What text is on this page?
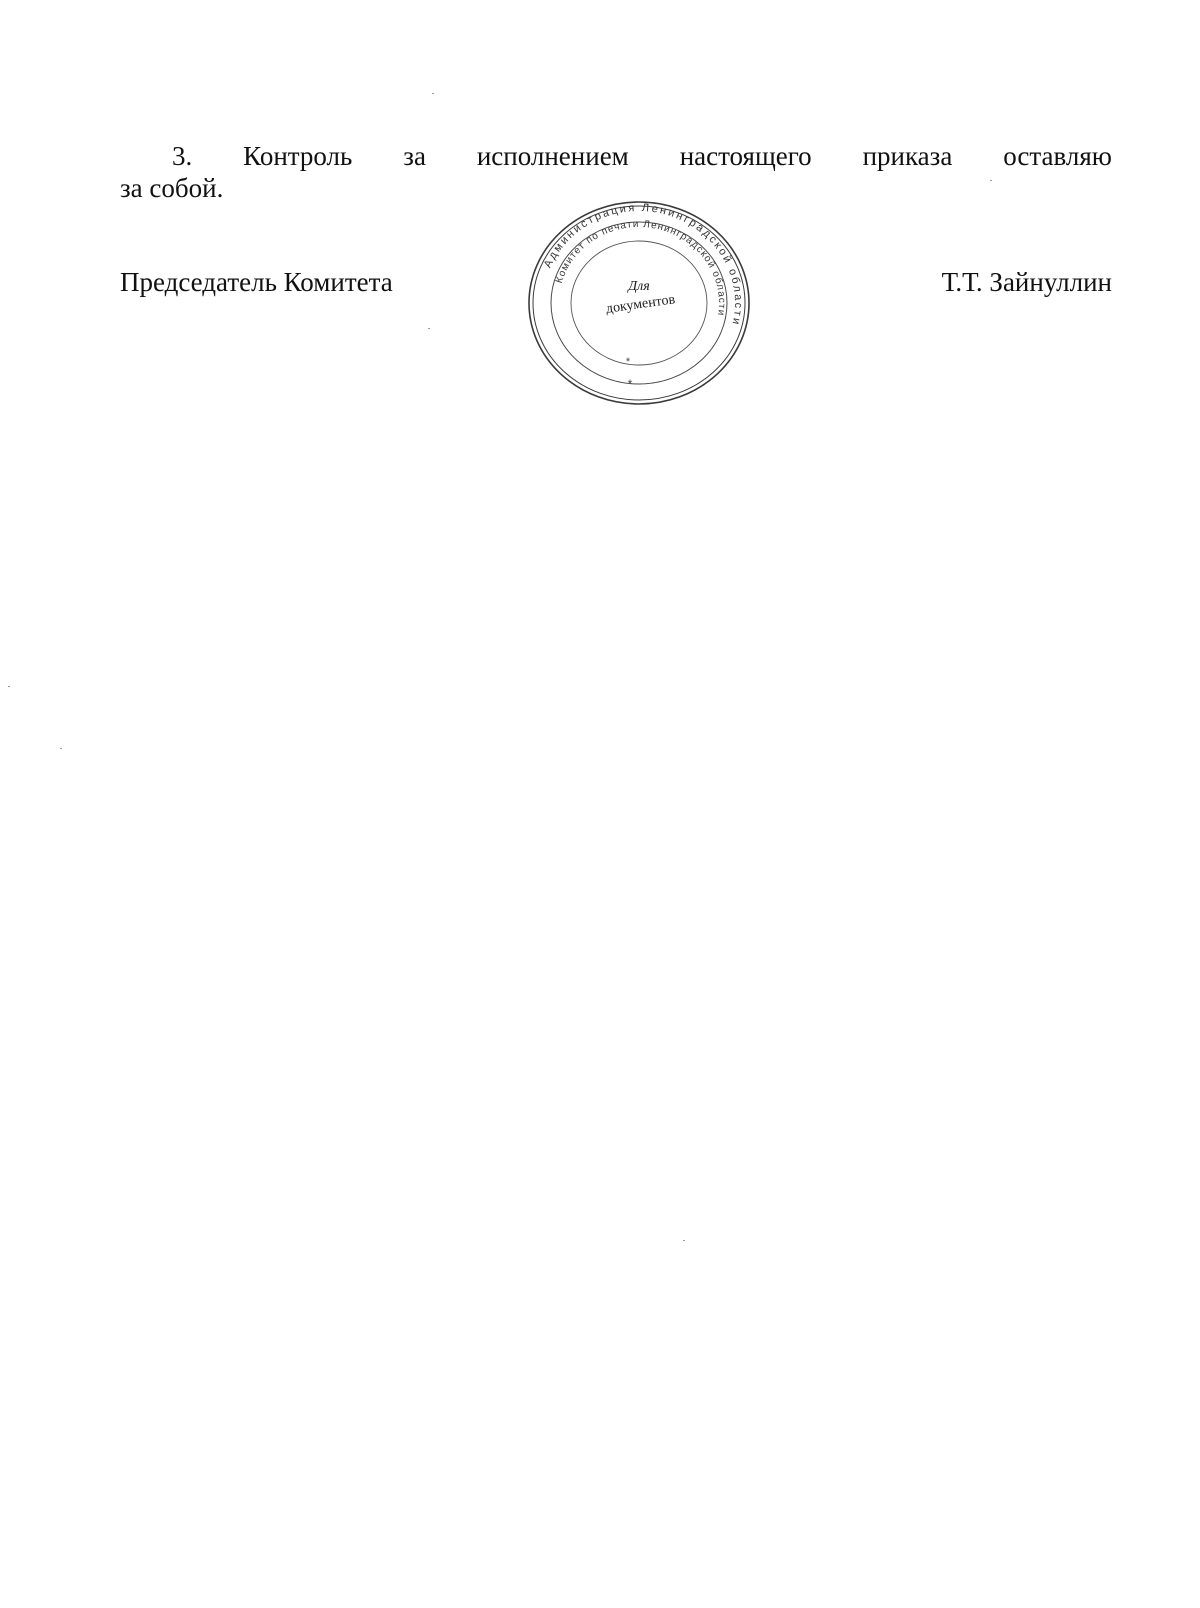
3. Контроль за исполнением настоящего приказа оставляю
за собой.
Председатель Комитета
Администрация Ленинградской области
Комитет по печати Ленинградской области
Для
документов
*
*
Т.Т. Зайнуллин
